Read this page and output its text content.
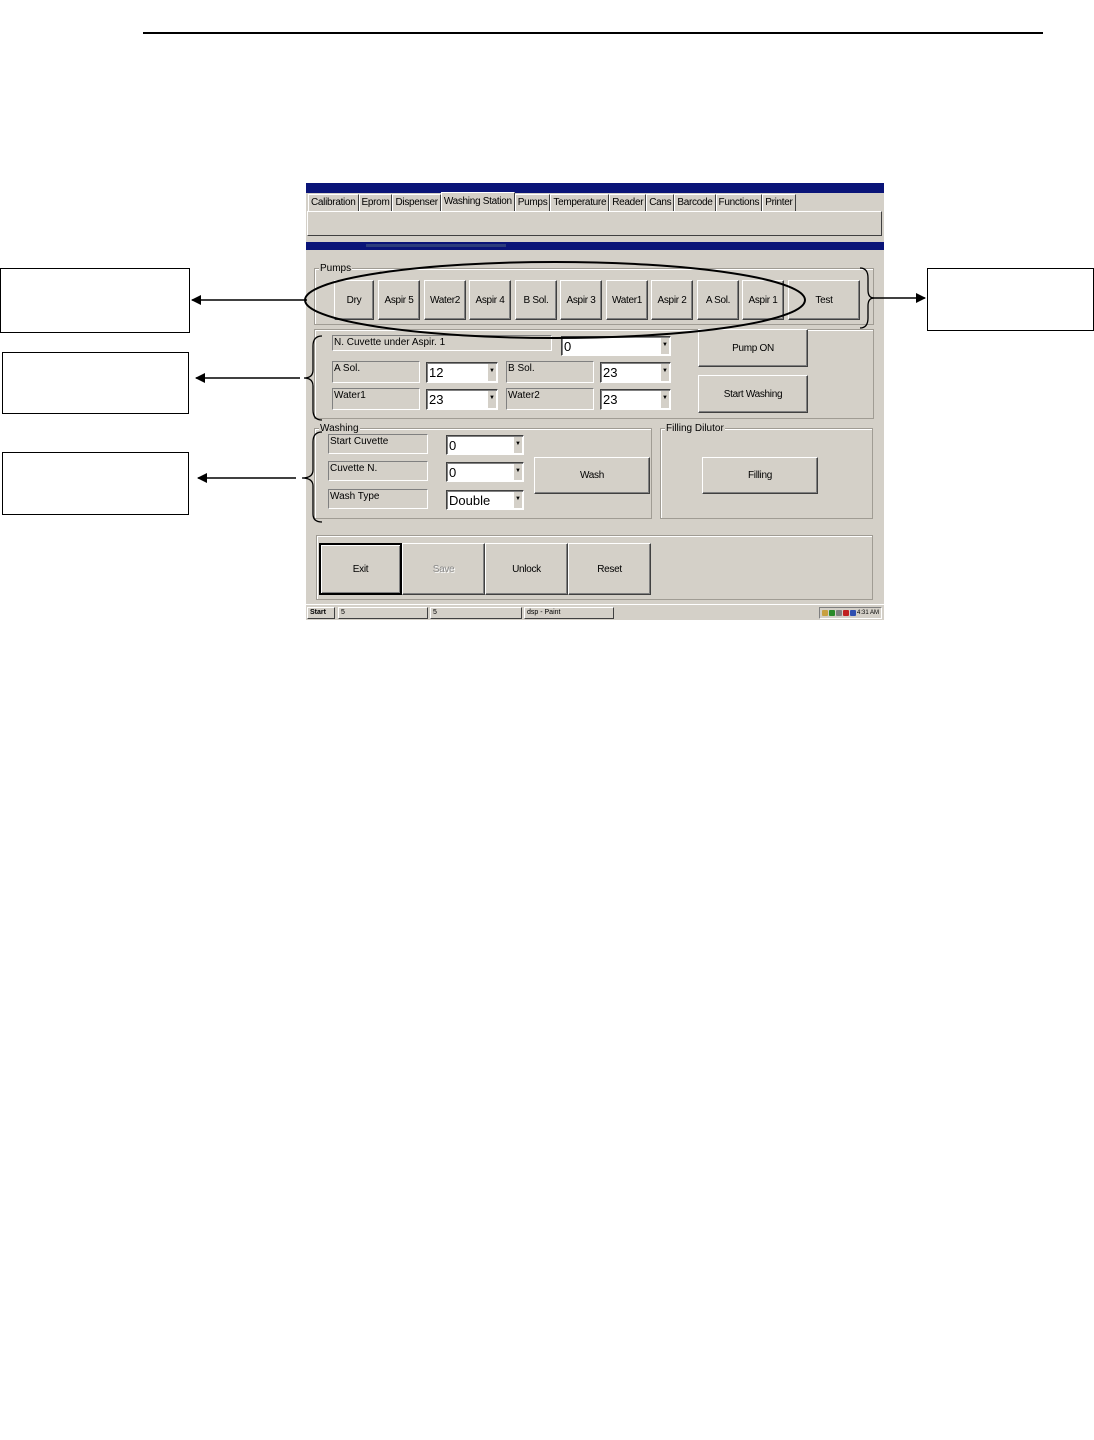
Calibration Eprom Dispenser Washing Station Pumps Temperature Reader Cans Barcode Functions Printer
Pumps
Dry	Aspir 5	Water2	Aspir 4	B Sol.	Aspir 3	Water1	Aspir 2	A Sol.	Aspir 1	Test
N. Cuvette under Aspir. 1	0	▼	Pump ON
A Sol.	12	▼ B Sol.	23	▼
Start Washing
Water1	23	▼ Water2	23	▼
Washing
Start Cuvette	0	▼
Cuvette N.	0	▼
Wash Type	Double	▼
Wash
Filling Dilutor
Filling
Exit	Save	Unlock	Reset
Start	5	5	dsp - Paint	4:31 AM
